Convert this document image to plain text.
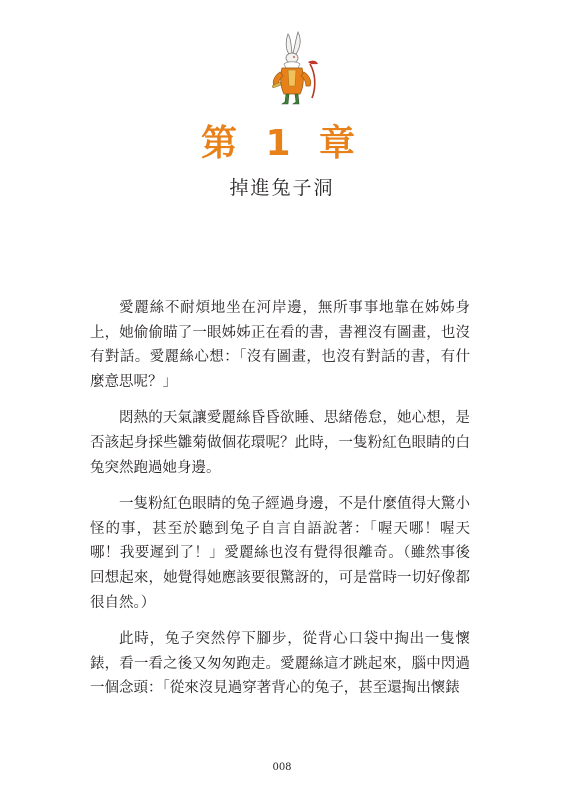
第 1 章
掉進兔子洞

愛麗絲不耐煩地坐在河岸邊，無所事事地靠在姊姊身上，她偷偷瞄了一眼姊姊正在看的書，書裡沒有圖畫，也沒有對話。愛麗絲心想：「沒有圖畫，也沒有對話的書，有什麼意思呢？」

悶熱的天氣讓愛麗絲昏昏欲睡、思緒倦怠，她心想，是否該起身採些雛菊做個花環呢？此時，一隻粉紅色眼睛的白兔突然跑過她身邊。

一隻粉紅色眼睛的兔子經過身邊，不是什麼值得大驚小怪的事，甚至於聽到兔子自言自語說著：「喔天哪！喔天哪！我要遲到了！」愛麗絲也沒有覺得很離奇。（雖然事後回想起來，她覺得她應該要很驚訝的，可是當時一切好像都很自然。）

此時，兔子突然停下腳步，從背心口袋中掏出一隻懷錶，看一看之後又匆匆跑走。愛麗絲這才跳起來，腦中閃過一個念頭：「從來沒見過穿著背心的兔子，甚至還掏出懷錶

008
